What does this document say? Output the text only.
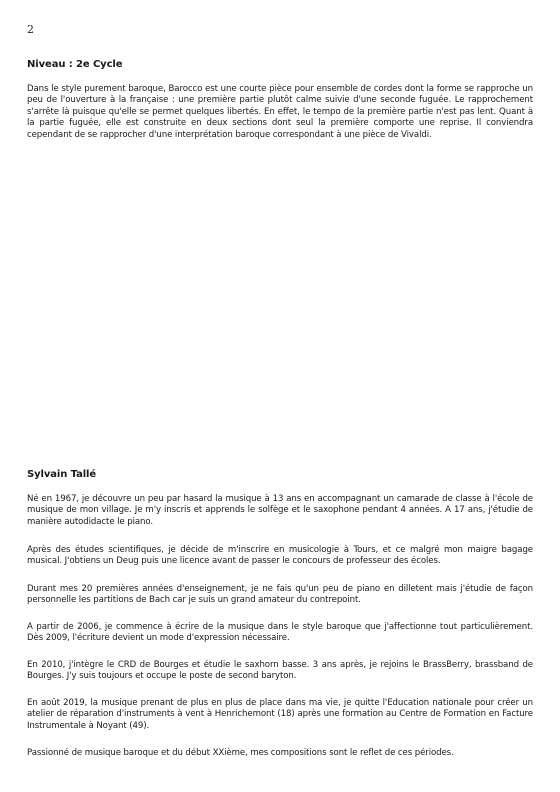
2
Niveau : 2e Cycle

Dans le style purement baroque, Barocco est une courte pièce pour ensemble de cordes dont la forme se rapproche un peu de l'ouverture à la française : une première partie plutôt calme suivie d'une seconde fuguée. Le rapprochement s'arrête là puisque qu'elle se permet quelques libertés. En effet, le tempo de la première partie n'est pas lent. Quant à la partie fuguée, elle est construite en deux sections dont seul la première comporte une reprise. Il conviendra cependant de se rapprocher d'une interprétation baroque correspondant à une pièce de Vivaldi.

Sylvain Tallé

Né en 1967, je découvre un peu par hasard la musique à 13 ans en accompagnant un camarade de classe à l'école de musique de mon village. Je m'y inscris et apprends le solfège et le saxophone pendant 4 années. A 17 ans, j'étudie de manière autodidacte le piano.

Après des études scientifiques, je décide de m'inscrire en musicologie à Tours, et ce malgré mon maigre bagage musical. J'obtiens un Deug puis une licence avant de passer le concours de professeur des écoles.

Durant mes 20 premières années d'enseignement, je ne fais qu'un peu de piano en dilletent mais j'étudie de façon personnelle les partitions de Bach car je suis un grand amateur du contrepoint.

A partir de 2006, je commence à écrire de la musique dans le style baroque que j'affectionne tout particulièrement. Dès 2009, l'écriture devient un mode d'expression nécessaire.

En 2010, j'intègre le CRD de Bourges et étudie le saxhorn basse. 3 ans après, je rejoins le BrassBerry, brassband de Bourges. J'y suis toujours et occupe le poste de second baryton.

En août 2019, la musique prenant de plus en plus de place dans ma vie, je quitte l'Education nationale pour créer un atelier de réparation d'instruments à vent à Henrichemont (18) après une formation au Centre de Formation en Facture Instrumentale à Noyant (49).

Passionné de musique baroque et du début XXième, mes compositions sont le reflet de ces périodes.
